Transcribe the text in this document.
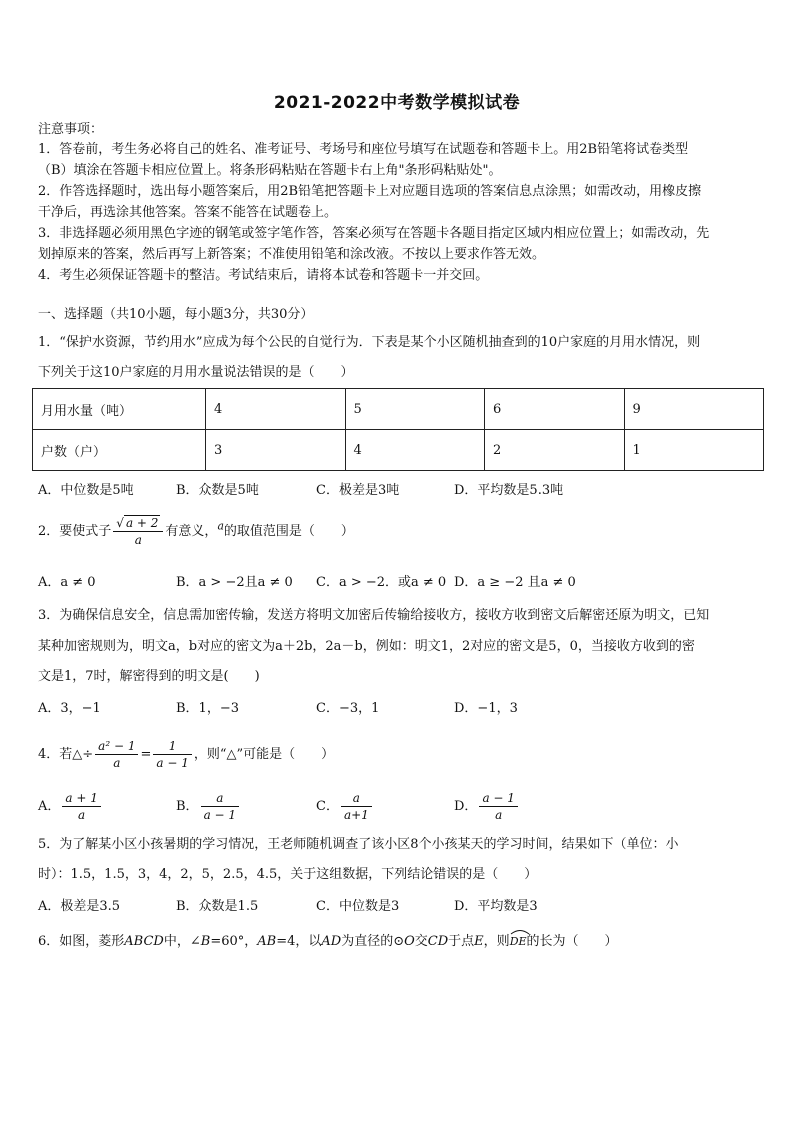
2021-2022中考数学模拟试卷
注意事项：
1．答卷前，考生务必将自己的姓名、准考证号、考场号和座位号填写在试题卷和答题卡上。用2B铅笔将试卷类型
（B）填涂在答题卡相应位置上。将条形码粘贴在答题卡右上角"条形码粘贴处"。
2．作答选择题时，选出每小题答案后，用2B铅笔把答题卡上对应题目选项的答案信息点涂黑；如需改动，用橡皮擦
干净后，再选涂其他答案。答案不能答在试题卷上。
3．非选择题必须用黑色字迹的钢笔或签字笔作答，答案必须写在答题卡各题目指定区域内相应位置上；如需改动，先
划掉原来的答案，然后再写上新答案；不准使用铅笔和涂改液。不按以上要求作答无效。
4．考生必须保证答题卡的整洁。考试结束后，请将本试卷和答题卡一并交回。
一、选择题（共10小题，每小题3分，共30分）
1．“保护水资源，节约用水”应成为每个公民的自觉行为．下表是某个小区随机抽查到的10户家庭的月用水情况，则
下列关于这10户家庭的月用水量说法错误的是（　　）
月用水量（吨）	4	5	6	9
户数（户）	3	4	2	1
A．中位数是5吨	B．众数是5吨	C．极差是3吨	D．平均数是5.3吨
2．要使式子 $\frac{√ a + 2}{a}$ 有意义，$^a$的取值范围是（　　）
A．a ≠ 0	B．a > −2且a ≠ 0 C．a > −2．或a ≠ 0 D．a ≥ −2 且a ≠ 0
3．为确保信息安全，信息需加密传输，发送方将明文加密后传输给接收方，接收方收到密文后解密还原为明文，已知
某种加密规则为，明文a，b对应的密文为a＋2b，2a－b，例如：明文1，2对应的密文是5，0，当接收方收到的密
文是1，7时，解密得到的明文是(　　)
A．3，−1	B．1，−3	C．−3，1	D．−1，3
4．若△÷ $\frac{\text{a² − 1}}{a} = \frac{1}{a - 1}$ ，则“△”可能是（　　）
A． $\frac{a + 1}{a}$	B． $\frac{a}{a - 1}$	C． $\frac{a}{a+1}$	D． $\frac{a - 1}{a}$
5．为了解某小区小孩暑期的学习情况，王老师随机调查了该小区8个小孩某天的学习时间，结果如下（单位：小
时）：1.5，1.5，3，4，2，5，2.5，4.5，关于这组数据，下列结论错误的是（　　）
A．极差是3.5	B．众数是1.5	C．中位数是3	D．平均数是3
6．如图，菱形ABCD中，∠B=60°，AB=4，以AD为直径的⊙O交CD于点E，则
DE的长为（　　）
